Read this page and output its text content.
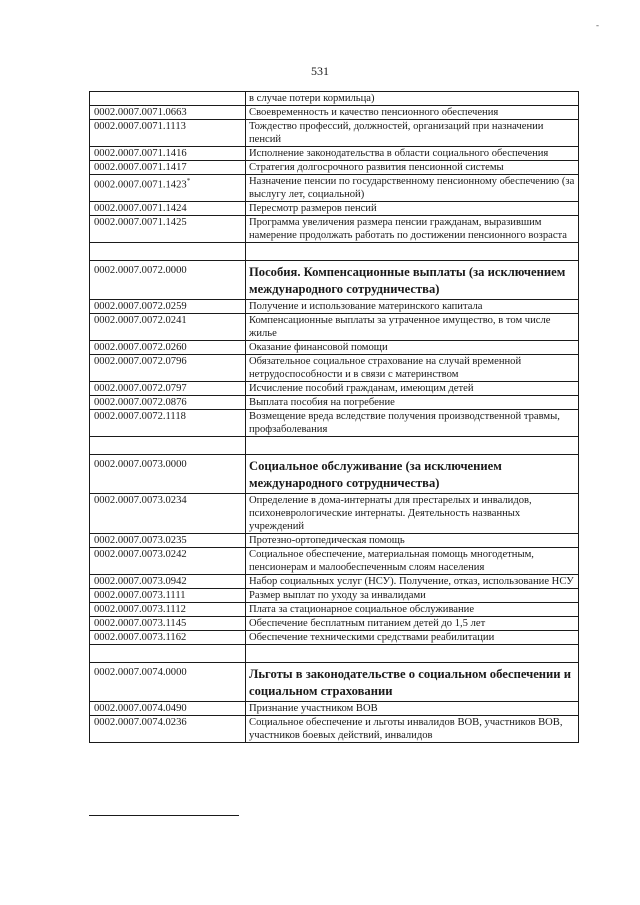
531
-
	в случае потери кормильца)
0002.0007.0071.0663	Своевременность и качество пенсионного обеспечения
0002.0007.0071.1113	Тождество профессий, должностей, организаций при назначении пенсий
0002.0007.0071.1416	Исполнение законодательства в области социального обеспечения
0002.0007.0071.1417	Стратегия долгосрочного развития пенсионной системы
0002.0007.0071.1423*	Назначение пенсии по государственному пенсионному обеспечению (за выслугу лет, социальной)
0002.0007.0071.1424	Пересмотр размеров пенсий
0002.0007.0071.1425	Программа увеличения размера пенсии гражданам, выразившим намерение продолжать работать по достижении пенсионного возраста

0002.0007.0072.0000	Пособия. Компенсационные выплаты (за исключением международного сотрудничества)
0002.0007.0072.0259	Получение и использование материнского капитала
0002.0007.0072.0241	Компенсационные выплаты за утраченное имущество, в том числе жилье
0002.0007.0072.0260	Оказание финансовой помощи
0002.0007.0072.0796	Обязательное социальное страхование на случай временной нетрудоспособности и в связи с материнством
0002.0007.0072.0797	Исчисление пособий гражданам, имеющим детей
0002.0007.0072.0876	Выплата пособия на погребение
0002.0007.0072.1118	Возмещение вреда вследствие получения производственной травмы, профзаболевания

0002.0007.0073.0000	Социальное обслуживание (за исключением международного сотрудничества)
0002.0007.0073.0234	Определение в дома-интернаты для престарелых и инвалидов, психоневрологические интернаты. Деятельность названных учреждений
0002.0007.0073.0235	Протезно-ортопедическая помощь
0002.0007.0073.0242	Социальное обеспечение, материальная помощь многодетным, пенсионерам и малообеспеченным слоям населения
0002.0007.0073.0942	Набор социальных услуг (НСУ). Получение, отказ, использование НСУ
0002.0007.0073.1111	Размер выплат по уходу за инвалидами
0002.0007.0073.1112	Плата за стационарное социальное обслуживание
0002.0007.0073.1145	Обеспечение бесплатным питанием детей до 1,5 лет
0002.0007.0073.1162	Обеспечение техническими средствами реабилитации

0002.0007.0074.0000	Льготы в законодательстве о социальном обеспечении и социальном страховании
0002.0007.0074.0490	Признание участником ВОВ
0002.0007.0074.0236	Социальное обеспечение и льготы инвалидов ВОВ, участников ВОВ, участников боевых действий, инвалидов
